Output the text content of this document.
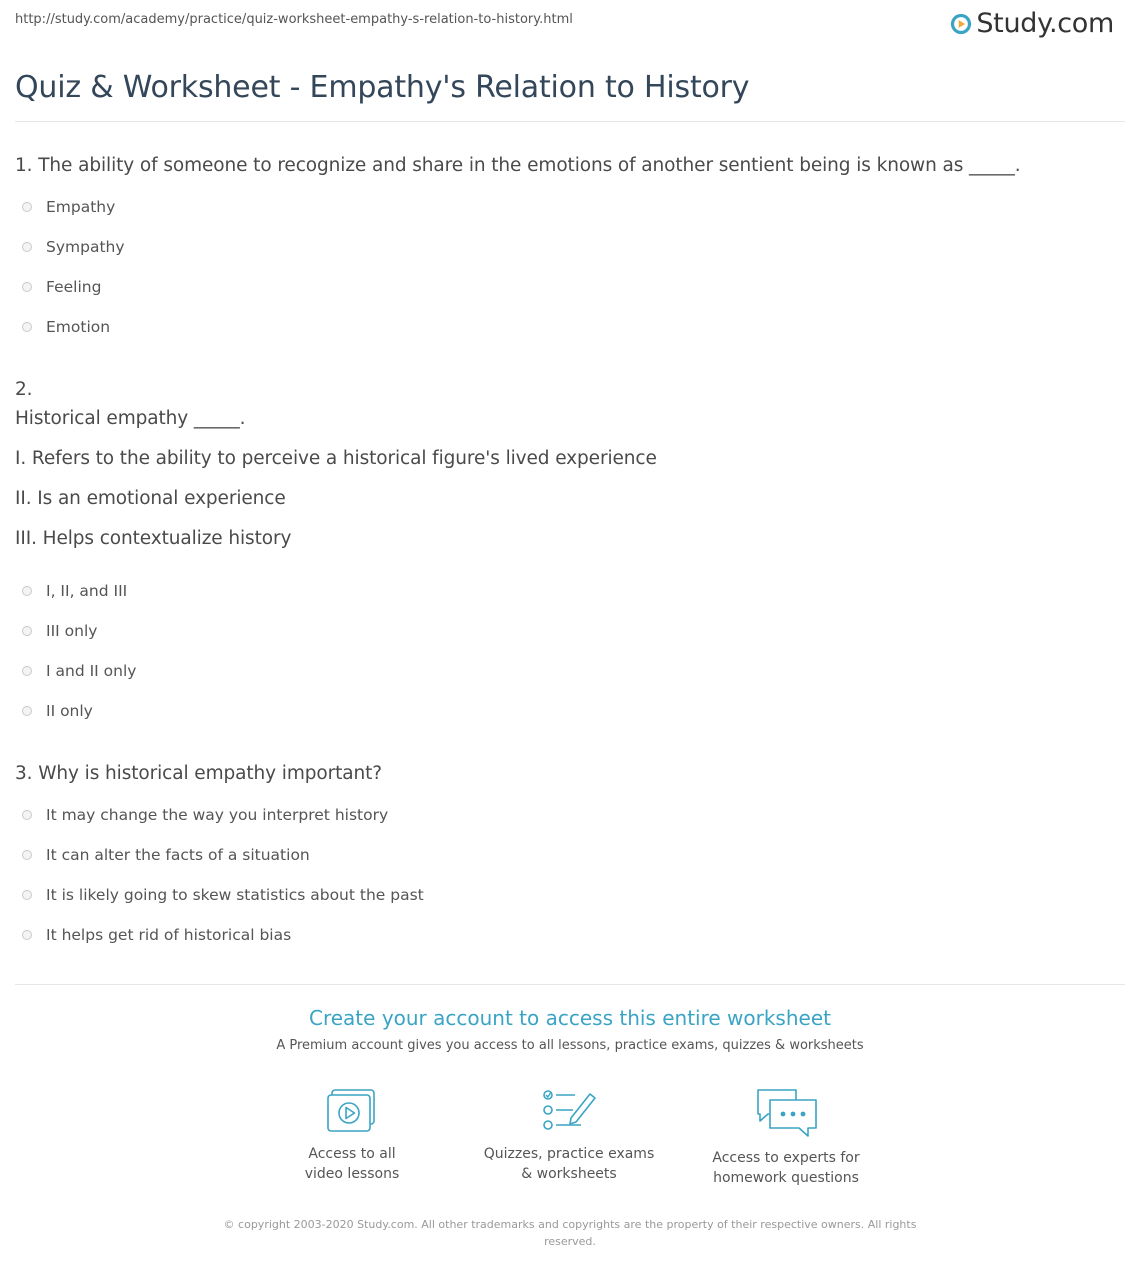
http://study.com/academy/practice/quiz-worksheet-empathy-s-relation-to-history.html	Study.com
Quiz & Worksheet - Empathy's Relation to History
1. The ability of someone to recognize and share in the emotions of another sentient being is known as _____.
Empathy
Sympathy
Feeling
Emotion
2.
Historical empathy _____.
I. Refers to the ability to perceive a historical figure's lived experience
II. Is an emotional experience
III. Helps contextualize history
I, II, and III
III only
I and II only
II only
3. Why is historical empathy important?
It may change the way you interpret history
It can alter the facts of a situation
It is likely going to skew statistics about the past
It helps get rid of historical bias
Create your account to access this entire worksheet
A Premium account gives you access to all lessons, practice exams, quizzes & worksheets
Access to all
video lessons
Quizzes, practice exams
& worksheets
Access to experts for
homework questions
© copyright 2003-2020 Study.com. All other trademarks and copyrights are the property of their respective owners. All rights reserved.
